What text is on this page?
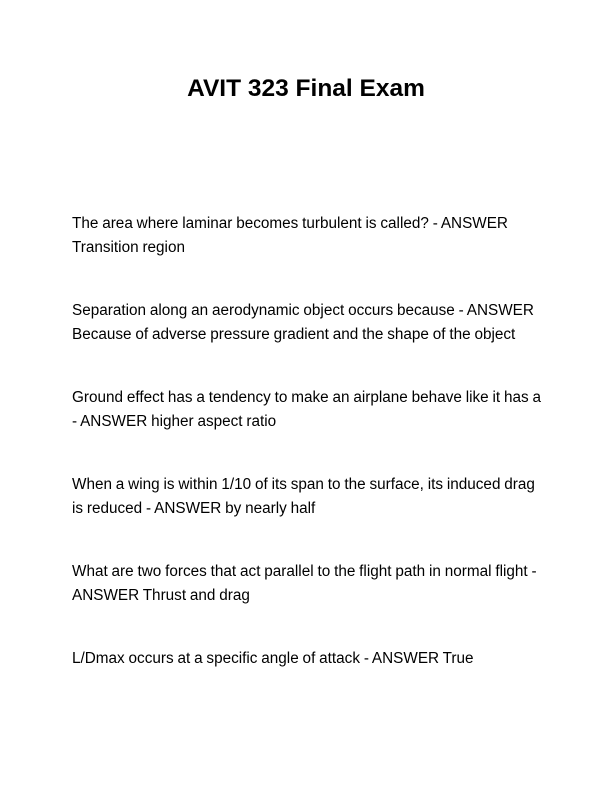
AVIT 323 Final Exam
The area where laminar becomes turbulent is called? - ANSWER Transition region
Separation along an aerodynamic object occurs because - ANSWER Because of adverse pressure gradient and the shape of the object
Ground effect has a tendency to make an airplane behave like it has a - ANSWER higher aspect ratio
When a wing is within 1/10 of its span to the surface, its induced drag is reduced - ANSWER by nearly half
What are two forces that act parallel to the flight path in normal flight - ANSWER Thrust and drag
L/Dmax occurs at a specific angle of attack - ANSWER True
